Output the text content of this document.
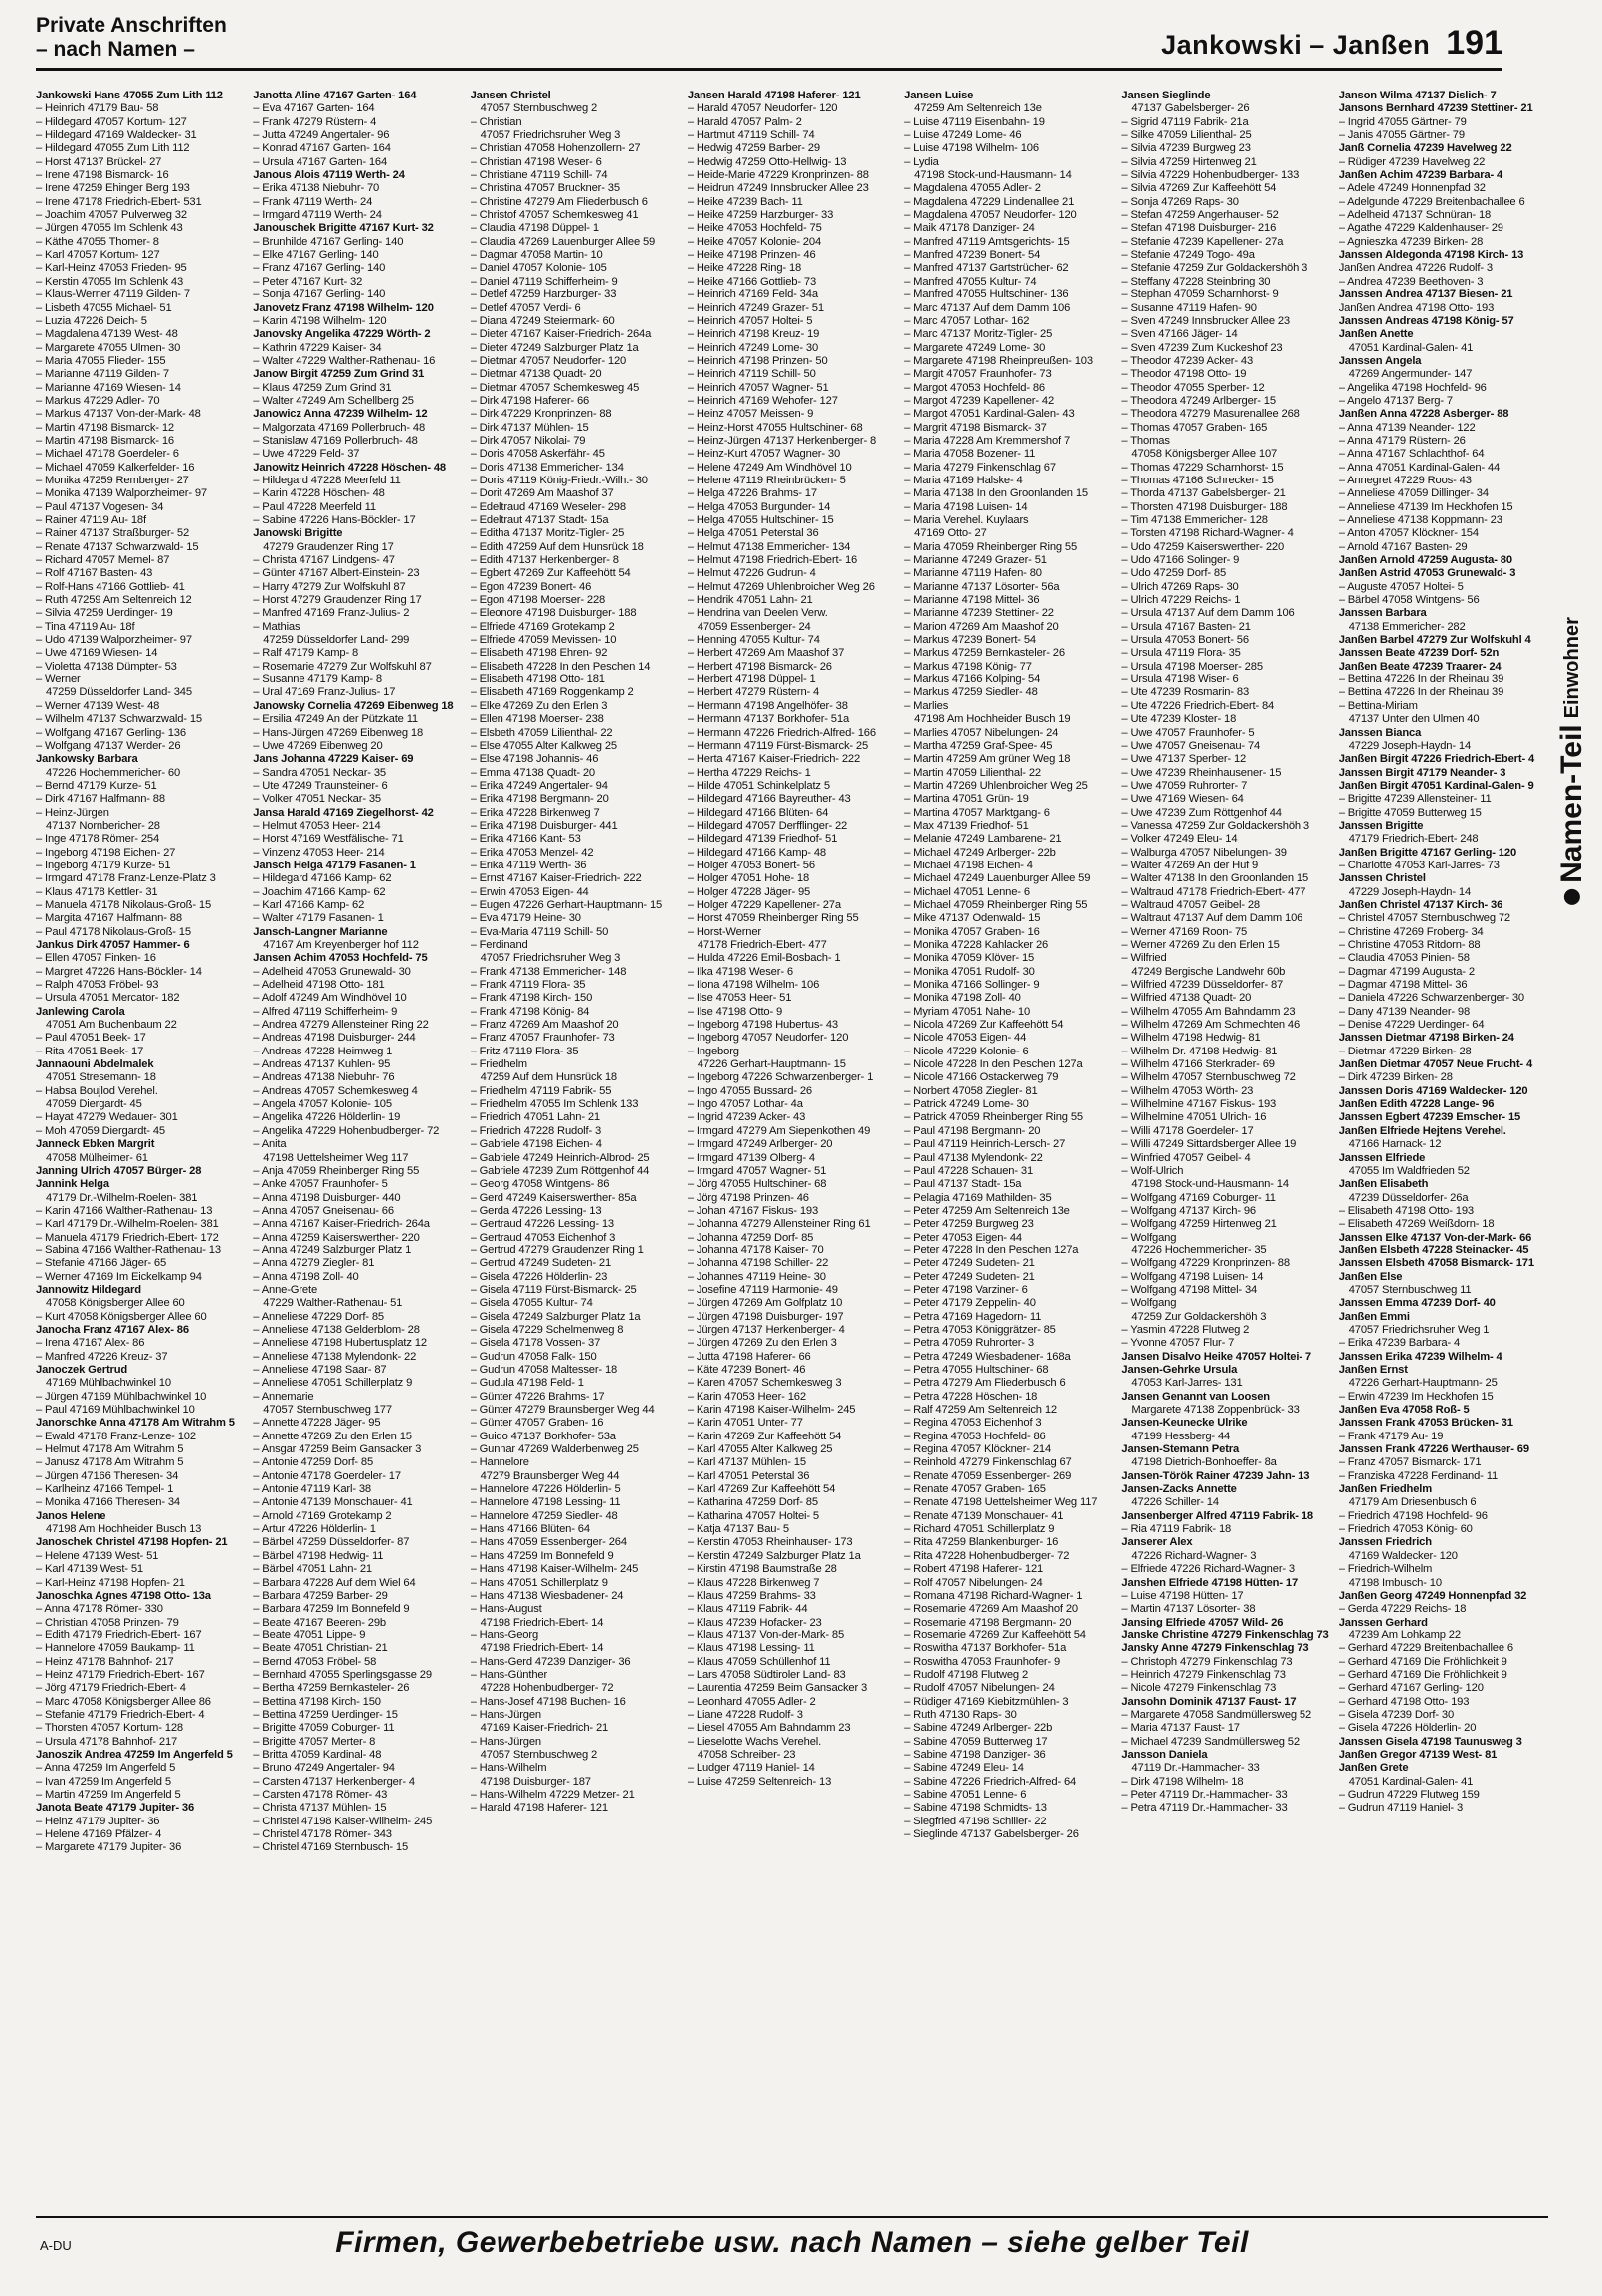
Private Anschriften
– nach Namen –	Jankowski – Janßen 191
Jankowski Hans 47055 Zum Lith 112
– Heinrich 47179 Bau- 58
– Hildegard 47057 Kortum- 127
– Hildegard 47169 Waldecker- 31
– Hildegard 47055 Zum Lith 112
– Horst 47137 Brückel- 27
– Irene 47198 Bismarck- 16
– Irene 47259 Ehinger Berg 193
– Irene 47178 Friedrich-Ebert- 531
– Joachim 47057 Pulverweg 32
– Jürgen 47055 Im Schlenk 43
– Käthe 47055 Thomer- 8
– Karl 47057 Kortum- 127
– Karl-Heinz 47053 Frieden- 95
– Kerstin 47055 Im Schlenk 43
– Klaus-Werner 47119 Gilden- 7
– Lisbeth 47055 Michael- 51
– Luzia 47226 Deich- 5
– Magdalena 47139 West- 48
– Margarete 47055 Ulmen- 30
– Maria 47055 Flieder- 155
– Marianne 47119 Gilden- 7
– Marianne 47169 Wiesen- 14
– Markus 47229 Adler- 70
– Markus 47137 Von-der-Mark- 48
– Martin 47198 Bismarck- 12
– Martin 47198 Bismarck- 16
– Michael 47178 Goerdeler- 6
– Michael 47059 Kalkerfelder- 16
– Monika 47259 Remberger- 27
– Monika 47139 Walporzheimer- 97
– Paul 47137 Vogesen- 34
– Rainer 47119 Au- 18f
– Rainer 47137 Straßburger- 52
– Renate 47137 Schwarzwald- 15
– Richard 47057 Memel- 87
– Rolf 47167 Basten- 43
– Rolf-Hans 47166 Gottlieb- 41
– Ruth 47259 Am Seltenreich 12
– Silvia 47259 Uerdinger- 19
– Tina 47119 Au- 18f
– Udo 47139 Walporzheimer- 97
– Uwe 47169 Wiesen- 14
– Violetta 47138 Dümpter- 53
– Werner
47259 Düsseldorfer Land- 345
– Werner 47139 West- 48
– Wilhelm 47137 Schwarzwald- 15
– Wolfgang 47167 Gerling- 136
– Wolfgang 47137 Werder- 26
Jankowsky Barbara
47226 Hochemmericher- 60
– Bernd 47179 Kurze- 51
– Dirk 47167 Halfmann- 88
– Heinz-Jürgen
47137 Nornbericher- 28
– Inge 47178 Römer- 254
– Ingeborg 47198 Eichen- 27
– Ingeborg 47179 Kurze- 51
– Irmgard 47178 Franz-Lenze-Platz 3
– Klaus 47178 Kettler- 31
– Manuela 47178 Nikolaus-Groß- 15
– Margita 47167 Halfmann- 88
– Paul 47178 Nikolaus-Groß- 15
Jankus Dirk 47057 Hammer- 6
– Ellen 47057 Finken- 16
– Margret 47226 Hans-Böckler- 14
– Ralph 47053 Fröbel- 93
– Ursula 47051 Mercator- 182
Janlewing Carola
47051 Am Buchenbaum 22
– Paul 47051 Beek- 17
– Rita 47051 Beek- 17
Jannaouni Abdelmalek
47051 Stresemann- 18
– Habsa Boujlod Verehel.
47059 Diergardt- 45
– Hayat 47279 Wedauer- 301
– Moh 47059 Diergardt- 45
Janneck Ebken Margrit
47058 Mülheimer- 61
Janning Ulrich 47057 Bürger- 28
Jannink Helga
47179 Dr.-Wilhelm-Roelen- 381
– Karin 47166 Walther-Rathenau- 13
– Karl 47179 Dr.-Wilhelm-Roelen- 381
– Manuela 47179 Friedrich-Ebert- 172
– Sabina 47166 Walther-Rathenau- 13
– Stefanie 47166 Jäger- 65
– Werner 47169 Im Eickelkamp 94
Jannowitz Hildegard
47058 Königsberger Allee 60
– Kurt 47058 Königsberger Allee 60
Janocha Franz 47167 Alex- 86
– Irena 47167 Alex- 86
– Manfred 47226 Kreuz- 37
Janoczek Gertrud
47169 Mühlbachwinkel 10
– Jürgen 47169 Mühlbachwinkel 10
– Paul 47169 Mühlbachwinkel 10
Janorschke Anna 47178 Am Witrahm 5
– Ewald 47178 Franz-Lenze- 102
– Helmut 47178 Am Witrahm 5
– Janusz 47178 Am Witrahm 5
– Jürgen 47166 Theresen- 34
– Karlheinz 47166 Tempel- 1
– Monika 47166 Theresen- 34
Janos Helene
47198 Am Hochheider Busch 13
Janoschek Christel 47198 Hopfen- 21
– Helene 47139 West- 51
– Karl 47139 West- 51
– Karl-Heinz 47198 Hopfen- 21
Janoschka Agnes 47198 Otto- 13a
– Anna 47178 Römer- 330
– Christian 47058 Prinzen- 79
– Edith 47179 Friedrich-Ebert- 167
– Hannelore 47059 Baukamp- 11
– Heinz 47178 Bahnhof- 217
– Heinz 47179 Friedrich-Ebert- 167
– Jörg 47179 Friedrich-Ebert- 4
– Marc 47058 Königsberger Allee 86
– Stefanie 47179 Friedrich-Ebert- 4
– Thorsten 47057 Kortum- 128
– Ursula 47178 Bahnhof- 217
Janoszik Andrea 47259 Im Angerfeld 5
– Anna 47259 Im Angerfeld 5
– Ivan 47259 Im Angerfeld 5
– Martin 47259 Im Angerfeld 5
Janota Beate 47179 Jupiter- 36
– Heinz 47179 Jupiter- 36
– Helene 47169 Pfälzer- 4
– Margarete 47179 Jupiter- 36
Janotta Aline 47167 Garten- 164
– Eva 47167 Garten- 164
– Frank 47279 Rüstern- 4
– Jutta 47249 Angertaler- 96
– Konrad 47167 Garten- 164
– Ursula 47167 Garten- 164
Janous Alois 47119 Werth- 24
– Erika 47138 Niebuhr- 70
– Frank 47119 Werth- 24
– Irmgard 47119 Werth- 24
Janouschek Brigitte 47167 Kurt- 32
– Brunhilde 47167 Gerling- 140
– Elke 47167 Gerling- 140
– Franz 47167 Gerling- 140
– Peter 47167 Kurt- 32
– Sonja 47167 Gerling- 140
Janovetz Franz 47198 Wilhelm- 120
– Karin 47198 Wilhelm- 120
Janovsky Angelika 47229 Wörth- 2
– Kathrin 47229 Kaiser- 34
– Walter 47229 Walther-Rathenau- 16
Janow Birgit 47259 Zum Grind 31
– Klaus 47259 Zum Grind 31
– Walter 47249 Am Schellberg 25
Janowicz Anna 47239 Wilhelm- 12
– Malgorzata 47169 Pollerbruch- 48
– Stanislaw 47169 Pollerbruch- 48
– Uwe 47229 Feld- 37
Janowitz Heinrich 47228 Höschen- 48
– Hildegard 47228 Meerfeld 11
– Karin 47228 Höschen- 48
– Paul 47228 Meerfeld 11
– Sabine 47226 Hans-Böckler- 17
Janowski Brigitte
47279 Graudenzer Ring 17
– Christa 47167 Lindgens- 47
– Günter 47167 Albert-Einstein- 23
– Harry 47279 Zur Wolfskuhl 87
– Horst 47279 Graudenzer Ring 17
– Manfred 47169 Franz-Julius- 2
– Mathias
47259 Düsseldorfer Land- 299
– Ralf 47179 Kamp- 8
– Rosemarie 47279 Zur Wolfskuhl 87
– Susanne 47179 Kamp- 8
– Ural 47169 Franz-Julius- 17
Janowsky Cornelia 47269 Eibenweg 18
– Ersilia 47249 An der Pützkate 11
– Hans-Jürgen 47269 Eibenweg 18
– Uwe 47269 Eibenweg 20
Jans Johanna 47229 Kaiser- 69
– Sandra 47051 Neckar- 35
– Ute 47249 Traunsteiner- 6
– Volker 47051 Neckar- 35
Jansa Harald 47169 Ziegelhorst- 42
– Helmut 47053 Heer- 214
– Horst 47169 Westfälische- 71
– Vinzenz 47053 Heer- 214
Jansch Helga 47179 Fasanen- 1
– Hildegard 47166 Kamp- 62
– Joachim 47166 Kamp- 62
– Karl 47166 Kamp- 62
– Walter 47179 Fasanen- 1
Jansch-Langner Marianne
47167 Am Kreyenberger hof 112
Jansen Achim 47053 Hochfeld- 75
– Adelheid 47053 Grunewald- 30
– Adelheid 47198 Otto- 181
– Adolf 47249 Am Windhövel 10
– Alfred 47119 Schifferheim- 9
– Andrea 47279 Allensteiner Ring 22
– Andreas 47198 Duisburger- 244
– Andreas 47228 Heimweg 1
– Andreas 47137 Kuhlen- 95
– Andreas 47138 Niebuhr- 76
– Andreas 47057 Schemkesweg 4
– Angela 47057 Kolonie- 105
– Angelika 47226 Hölderlin- 19
– Angelika 47229 Hohenbudberger- 72
– Anita
47198 Uettelsheimer Weg 117
– Anja 47059 Rheinberger Ring 55
– Anke 47057 Fraunhofer- 5
– Anna 47198 Duisburger- 440
– Anna 47057 Gneisenau- 66
– Anna 47167 Kaiser-Friedrich- 264a
– Anna 47259 Kaiserswerther- 220
– Anna 47249 Salzburger Platz 1
– Anna 47279 Ziegler- 81
– Anna 47198 Zoll- 40
– Anne-Grete
47229 Walther-Rathenau- 51
– Anneliese 47229 Dorf- 85
– Anneliese 47138 Gelderblom- 28
– Anneliese 47198 Hubertusplatz 12
– Anneliese 47138 Mylendonk- 22
– Anneliese 47198 Saar- 87
– Anneliese 47051 Schillerplatz 9
– Annemarie
47057 Sternbuschweg 177
– Annette 47228 Jäger- 95
– Annette 47269 Zu den Erlen 15
– Ansgar 47259 Beim Gansacker 3
– Antonie 47259 Dorf- 85
– Antonie 47178 Goerdeler- 17
– Antonie 47119 Karl- 38
– Antonie 47139 Monschauer- 41
– Arnold 47169 Grotekamp 2
– Artur 47226 Hölderlin- 1
– Bärbel 47259 Düsseldorfer- 87
– Bärbel 47198 Hedwig- 11
– Bärbel 47051 Lahn- 21
– Barbara 47228 Auf dem Wiel 64
– Barbara 47259 Barber- 29
– Barbara 47259 Im Bonnefeld 9
– Beate 47167 Beeren- 29b
– Beate 47051 Lippe- 9
– Beate 47051 Christian- 21
– Bernd 47053 Fröbel- 58
– Bernhard 47055 Sperlingsgasse 29
– Bertha 47259 Bernkasteler- 26
– Bettina 47198 Kirch- 150
– Bettina 47259 Uerdinger- 15
– Brigitte 47059 Coburger- 11
– Brigitte 47057 Merter- 8
– Britta 47059 Kardinal- 48
– Bruno 47249 Angertaler- 94
– Carsten 47137 Herkenberger- 4
– Carsten 47178 Römer- 43
– Christa 47137 Mühlen- 15
– Christel 47198 Kaiser-Wilhelm- 245
– Christel 47178 Römer- 343
– Christel 47169 Sternbusch- 15
Jansen Christel
47057 Sternbuschweg 2
– Christian
47057 Friedrichsruher Weg 3
– Christian 47058 Hohenzollern- 27
– Christian 47198 Weser- 6
– Christiane 47119 Schill- 74
– Christina 47057 Bruckner- 35
– Christine 47279 Am Fliederbusch 6
– Christof 47057 Schemkesweg 41
– Claudia 47198 Düppel- 1
– Claudia 47269 Lauenburger Allee 59
– Dagmar 47058 Martin- 10
– Daniel 47057 Kolonie- 105
– Daniel 47119 Schifferheim- 9
– Detlef 47259 Harzburger- 33
– Detlef 47057 Verdi- 6
– Diana 47249 Steiermark- 60
– Dieter 47167 Kaiser-Friedrich- 264a
– Dieter 47249 Salzburger Platz 1a
– Dietmar 47057 Neudorfer- 120
– Dietmar 47138 Quadt- 20
– Dietmar 47057 Schemkesweg 45
– Dirk 47198 Haferer- 66
– Dirk 47229 Kronprinzen- 88
– Dirk 47137 Mühlen- 15
– Dirk 47057 Nikolai- 79
– Doris 47058 Askerfähr- 45
– Doris 47138 Emmericher- 134
– Doris 47119 König-Friedr.-Wilh.- 30
– Dorit 47269 Am Maashof 37
– Edeltraud 47169 Weseler- 298
– Edeltraut 47137 Stadt- 15a
– Editha 47137 Moritz-Tigler- 25
– Edith 47259 Auf dem Hunsrück 18
– Edith 47137 Herkenberger- 8
– Egbert 47269 Zur Kaffeehött 54
– Egon 47239 Bonert- 46
– Egon 47198 Moerser- 228
– Eleonore 47198 Duisburger- 188
– Elfriede 47169 Grotekamp 2
– Elfriede 47059 Mevissen- 10
– Elisabeth 47198 Ehren- 92
– Elisabeth 47228 In den Peschen 14
– Elisabeth 47198 Otto- 181
– Elisabeth 47169 Roggenkamp 2
– Elke 47269 Zu den Erlen 3
– Ellen 47198 Moerser- 238
– Elsbeth 47059 Lilienthal- 22
– Else 47055 Alter Kalkweg 25
– Else 47198 Johannis- 46
– Emma 47138 Quadt- 20
– Erika 47249 Angertaler- 94
– Erika 47198 Bergmann- 20
– Erika 47228 Birkenweg 7
– Erika 47198 Duisburger- 441
– Erika 47166 Kant- 53
– Erika 47053 Menzel- 42
– Erika 47119 Werth- 36
– Ernst 47167 Kaiser-Friedrich- 222
– Erwin 47053 Eigen- 44
– Eugen 47226 Gerhart-Hauptmann- 15
– Eva 47179 Heine- 30
– Eva-Maria 47119 Schill- 50
– Ferdinand
47057 Friedrichsruher Weg 3
– Frank 47138 Emmericher- 148
– Frank 47119 Flora- 35
– Frank 47198 Kirch- 150
– Frank 47198 König- 84
– Franz 47269 Am Maashof 20
– Franz 47057 Fraunhofer- 73
– Fritz 47119 Flora- 35
– Friedhelm
47259 Auf dem Hunsrück 18
– Friedhelm 47119 Fabrik- 55
– Friedhelm 47055 Im Schlenk 133
– Friedrich 47051 Lahn- 21
– Friedrich 47228 Rudolf- 3
– Gabriele 47198 Eichen- 4
– Gabriele 47249 Heinrich-Albrod- 25
– Gabriele 47239 Zum Röttgenhof 44
– Georg 47058 Wintgens- 86
– Gerd 47249 Kaiserswerther- 85a
– Gerda 47226 Lessing- 13
– Gertraud 47226 Lessing- 13
– Gertraud 47053 Eichenhof 3
– Gertrud 47279 Graudenzer Ring 1
– Gertrud 47249 Sudeten- 21
– Gisela 47226 Hölderlin- 23
– Gisela 47119 Fürst-Bismarck- 25
– Gisela 47055 Kultur- 74
– Gisela 47249 Salzburger Platz 1a
– Gisela 47229 Schelmenweg 8
– Gisela 47178 Vossen- 37
– Gudrun 47058 Falk- 150
– Gudrun 47058 Maltesser- 18
– Gudula 47198 Feld- 1
– Günter 47226 Brahms- 17
– Günter 47279 Braunsberger Weg 44
– Günter 47057 Graben- 16
– Guido 47137 Borkhofer- 53a
– Gunnar 47269 Walderbenweg 25
– Hannelore
47279 Braunsberger Weg 44
– Hannelore 47226 Hölderlin- 5
– Hannelore 47198 Lessing- 11
– Hannelore 47259 Siedler- 48
– Hans 47166 Blüten- 64
– Hans 47059 Essenberger- 264
– Hans 47259 Im Bonnefeld 9
– Hans 47198 Kaiser-Wilhelm- 245
– Hans 47051 Schillerplatz 9
– Hans 47138 Wiesbadener- 24
– Hans-August
47198 Friedrich-Ebert- 14
– Hans-Georg
47198 Friedrich-Ebert- 14
– Hans-Gerd 47239 Danziger- 36
– Hans-Günther
47228 Hohenbudberger- 72
– Hans-Josef 47198 Buchen- 16
– Hans-Jürgen
47169 Kaiser-Friedrich- 21
– Hans-Jürgen
47057 Sternbuschweg 2
– Hans-Wilhelm
47198 Duisburger- 187
– Hans-Wilhelm 47229 Metzer- 21
– Harald 47198 Haferer- 121
Jansen Harald 47198 Haferer- 121
– Harald 47057 Neudorfer- 120
– Harald 47057 Palm- 2
– Hartmut 47119 Schill- 74
– Hedwig 47259 Barber- 29
– Hedwig 47259 Otto-Hellwig- 13
– Heide-Marie 47229 Kronprinzen- 88
– Heidrun 47249 Innsbrucker Allee 23
– Heike 47239 Bach- 11
– Heike 47259 Harzburger- 33
– Heike 47053 Hochfeld- 75
– Heike 47057 Kolonie- 204
– Heike 47198 Prinzen- 46
– Heike 47228 Ring- 18
– Heike 47166 Gottlieb- 73
– Heinrich 47169 Feld- 34a
– Heinrich 47249 Grazer- 51
– Heinrich 47057 Holtei- 5
– Heinrich 47198 Kreuz- 19
– Heinrich 47249 Lome- 30
– Heinrich 47198 Prinzen- 50
– Heinrich 47119 Schill- 50
– Heinrich 47057 Wagner- 51
– Heinrich 47169 Wehofer- 127
– Heinz 47057 Meissen- 9
– Heinz-Horst 47055 Hultschiner- 68
– Heinz-Jürgen 47137 Herkenberger- 8
– Heinz-Kurt 47057 Wagner- 30
– Helene 47249 Am Windhövel 10
– Helene 47119 Rheinbrücken- 5
– Helga 47226 Brahms- 17
– Helga 47053 Burgunder- 14
– Helga 47055 Hultschiner- 15
– Helga 47051 Peterstal 36
– Helmut 47138 Emmericher- 134
– Helmut 47198 Friedrich-Ebert- 16
– Helmut 47226 Gudrun- 4
– Helmut 47269 Uhlenbroicher Weg 26
– Hendrik 47051 Lahn- 21
– Hendrina van Deelen Verw.
47059 Essenberger- 24
– Henning 47055 Kultur- 74
– Herbert 47269 Am Maashof 37
– Herbert 47198 Bismarck- 26
– Herbert 47198 Düppel- 1
– Herbert 47279 Rüstern- 4
– Hermann 47198 Angelhöfer- 38
– Hermann 47137 Borkhofer- 51a
– Hermann 47226 Friedrich-Alfred- 166
– Hermann 47119 Fürst-Bismarck- 25
– Herta 47167 Kaiser-Friedrich- 222
– Hertha 47229 Reichs- 1
– Hilde 47051 Schinkelplatz 5
– Hildegard 47166 Bayreuther- 43
– Hildegard 47166 Blüten- 64
– Hildegard 47057 Derfflinger- 22
– Hildegard 47139 Friedhof- 51
– Hildegard 47166 Kamp- 48
– Holger 47053 Bonert- 56
– Holger 47051 Hohe- 18
– Holger 47228 Jäger- 95
– Holger 47229 Kapellener- 27a
– Horst 47059 Rheinberger Ring 55
– Horst-Werner
47178 Friedrich-Ebert- 477
– Hulda 47226 Emil-Bosbach- 1
– Ilka 47198 Weser- 6
– Ilona 47198 Wilhelm- 106
– Ilse 47053 Heer- 51
– Ilse 47198 Otto- 9
– Ingeborg 47198 Hubertus- 43
– Ingeborg 47057 Neudorfer- 120
– Ingeborg
47226 Gerhart-Hauptmann- 15
– Ingeborg 47226 Schwarzenberger- 1
– Ingo 47055 Bussard- 26
– Ingo 47057 Lothar- 4a
– Ingrid 47239 Acker- 43
– Irmgard 47279 Am Siepenkothen 49
– Irmgard 47249 Arlberger- 20
– Irmgard 47139 Olberg- 4
– Irmgard 47057 Wagner- 51
– Jörg 47055 Hultschiner- 68
– Jörg 47198 Prinzen- 46
– Johan 47167 Fiskus- 193
– Johanna 47279 Allensteiner Ring 61
– Johanna 47259 Dorf- 85
– Johanna 47178 Kaiser- 70
– Johanna 47198 Schiller- 22
– Johannes 47119 Heine- 30
– Josefine 47119 Harmonie- 49
– Jürgen 47269 Am Golfplatz 10
– Jürgen 47198 Duisburger- 197
– Jürgen 47137 Herkenberger- 4
– Jürgen 47269 Zu den Erlen 3
– Jutta 47198 Haferer- 66
– Käte 47239 Bonert- 46
– Karen 47057 Schemkesweg 3
– Karin 47053 Heer- 162
– Karin 47198 Kaiser-Wilhelm- 245
– Karin 47051 Unter- 77
– Karin 47269 Zur Kaffeehött 54
– Karl 47055 Alter Kalkweg 25
– Karl 47137 Mühlen- 15
– Karl 47051 Peterstal 36
– Karl 47269 Zur Kaffeehött 54
– Katharina 47259 Dorf- 85
– Katharina 47057 Holtei- 5
– Katja 47137 Bau- 5
– Kerstin 47053 Rheinhauser- 173
– Kerstin 47249 Salzburger Platz 1a
– Kirstin 47198 Baumstraße 28
– Klaus 47228 Birkenweg 7
– Klaus 47259 Brahms- 33
– Klaus 47119 Fabrik- 44
– Klaus 47239 Hofacker- 23
– Klaus 47137 Von-der-Mark- 85
– Klaus 47198 Lessing- 11
– Klaus 47059 Schüllenhof 11
– Lars 47058 Südtiroler Land- 83
– Laurentia 47259 Beim Gansacker 3
– Leonhard 47055 Adler- 2
– Liane 47228 Rudolf- 3
– Liesel 47055 Am Bahndamm 23
– Lieselotte Wachs Verehel.
47058 Schreiber- 23
– Ludger 47119 Haniel- 14
– Luise 47259 Seltenreich- 13
Jansen Luise
47259 Am Seltenreich 13e
– Luise 47119 Eisenbahn- 19
– Luise 47249 Lome- 46
– Luise 47198 Wilhelm- 106
– Lydia
47198 Stock-und-Hausmann- 14
– Magdalena 47055 Adler- 2
– Magdalena 47229 Lindenallee 21
– Magdalena 47057 Neudorfer- 120
– Maik 47178 Danziger- 24
– Manfred 47119 Amtsgerichts- 15
– Manfred 47239 Bonert- 54
– Manfred 47137 Gartstrücher- 62
– Manfred 47055 Kultur- 74
– Manfred 47055 Hultschiner- 136
– Marc 47137 Auf dem Damm 106
– Marc 47057 Lothar- 162
– Marc 47137 Moritz-Tigler- 25
– Margarete 47249 Lome- 30
– Margarete 47198 Rheinpreußen- 103
– Margit 47057 Fraunhofer- 73
– Margot 47053 Hochfeld- 86
– Margot 47239 Kapellener- 42
– Margot 47051 Kardinal-Galen- 43
– Margrit 47198 Bismarck- 37
– Maria 47228 Am Kremmershof 7
– Maria 47058 Bozener- 11
– Maria 47279 Finkenschlag 67
– Maria 47169 Halske- 4
– Maria 47138 In den Groonlanden 15
– Maria 47198 Luisen- 14
– Maria Verehel. Kuylaars
47169 Otto- 27
– Maria 47059 Rheinberger Ring 55
– Marianne 47249 Grazer- 51
– Marianne 47119 Hafen- 80
– Marianne 47137 Lösorter- 56a
– Marianne 47198 Mittel- 36
– Marianne 47239 Stettiner- 22
– Marion 47269 Am Maashof 20
– Markus 47239 Bonert- 54
– Markus 47259 Bernkasteler- 26
– Markus 47198 König- 77
– Markus 47166 Kolping- 54
– Markus 47259 Siedler- 48
– Marlies
47198 Am Hochheider Busch 19
– Marlies 47057 Nibelungen- 24
– Martha 47259 Graf-Spee- 45
– Martin 47259 Am grüner Weg 18
– Martin 47059 Lilienthal- 22
– Martin 47269 Uhlenbroicher Weg 25
– Martina 47051 Grün- 19
– Martina 47057 Marktgang- 6
– Max 47139 Friedhof- 51
– Melanie 47249 Lambarene- 21
– Michael 47249 Arlberger- 22b
– Michael 47198 Eichen- 4
– Michael 47249 Lauenburger Allee 59
– Michael 47051 Lenne- 6
– Michael 47059 Rheinberger Ring 55
– Mike 47137 Odenwald- 15
– Monika 47057 Graben- 16
– Monika 47228 Kahlacker 26
– Monika 47059 Klöver- 15
– Monika 47051 Rudolf- 30
– Monika 47166 Sollinger- 9
– Monika 47198 Zoll- 40
– Myriam 47051 Nahe- 10
– Nicola 47269 Zur Kaffeehött 54
– Nicole 47053 Eigen- 44
– Nicole 47229 Kolonie- 6
– Nicole 47228 In den Peschen 127a
– Nicole 47166 Ostackerweg 79
– Norbert 47058 Ziegler- 81
– Patrick 47249 Lome- 30
– Patrick 47059 Rheinberger Ring 55
– Paul 47198 Bergmann- 20
– Paul 47119 Heinrich-Lersch- 27
– Paul 47138 Mylendonk- 22
– Paul 47228 Schauen- 31
– Paul 47137 Stadt- 15a
– Pelagia 47169 Mathilden- 35
– Peter 47259 Am Seltenreich 13e
– Peter 47259 Burgweg 23
– Peter 47053 Eigen- 44
– Peter 47228 In den Peschen 127a
– Peter 47249 Sudeten- 21
– Peter 47249 Sudeten- 21
– Peter 47198 Varziner- 6
– Peter 47179 Zeppelin- 40
– Petra 47169 Hagedorn- 11
– Petra 47053 Königgrätzer- 85
– Petra 47059 Ruhrorter- 3
– Petra 47249 Wiesbadener- 168a
– Petra 47055 Hultschiner- 68
– Petra 47279 Am Fliederbusch 6
– Petra 47228 Höschen- 18
– Ralf 47259 Am Seltenreich 12
– Regina 47053 Eichenhof 3
– Regina 47053 Hochfeld- 86
– Regina 47057 Klöckner- 214
– Reinhold 47279 Finkenschlag 67
– Renate 47059 Essenberger- 269
– Renate 47057 Graben- 165
– Renate 47198 Uettelsheimer Weg 117
– Renate 47139 Monschauer- 41
– Richard 47051 Schillerplatz 9
– Rita 47259 Blankenburger- 16
– Rita 47228 Hohenbudberger- 72
– Robert 47198 Haferer- 121
– Rolf 47057 Nibelungen- 24
– Romana 47198 Richard-Wagner- 1
– Rosemarie 47269 Am Maashof 20
– Rosemarie 47198 Bergmann- 20
– Rosemarie 47269 Zur Kaffeehött 54
– Roswitha 47137 Borkhofer- 51a
– Roswitha 47053 Fraunhofer- 9
– Rudolf 47198 Flutweg 2
– Rudolf 47057 Nibelungen- 24
– Rüdiger 47169 Kiebitzmühlen- 3
– Ruth 47130 Raps- 30
– Sabine 47249 Arlberger- 22b
– Sabine 47059 Butterweg 17
– Sabine 47198 Danziger- 36
– Sabine 47249 Eleu- 14
– Sabine 47226 Friedrich-Alfred- 64
– Sabine 47051 Lenne- 6
– Sabine 47198 Schmidts- 13
– Siegfried 47198 Schiller- 22
– Sieglinde 47137 Gabelsberger- 26
Jansen Sieglinde
47137 Gabelsberger- 26
– Sigrid 47119 Fabrik- 21a
– Silke 47059 Lilienthal- 25
– Silvia 47239 Burgweg 23
– Silvia 47259 Hirtenweg 21
– Silvia 47229 Hohenbudberger- 133
– Silvia 47269 Zur Kaffeehött 54
– Sonja 47269 Raps- 30
– Stefan 47259 Angerhauser- 52
– Stefan 47198 Duisburger- 216
– Stefanie 47239 Kapellener- 27a
– Stefanie 47249 Togo- 49a
– Stefanie 47259 Zur Goldackershöh 3
– Steffany 47228 Steinbring 30
– Stephan 47059 Scharnhorst- 9
– Susanne 47119 Hafen- 90
– Sven 47249 Innsbrucker Allee 23
– Sven 47166 Jäger- 14
– Sven 47239 Zum Kuckeshof 23
– Theodor 47239 Acker- 43
– Theodor 47198 Otto- 19
– Theodor 47055 Sperber- 12
– Theodora 47249 Arlberger- 15
– Theodora 47279 Masurenallee 268
– Thomas 47057 Graben- 165
– Thomas
47058 Königsberger Allee 107
– Thomas 47229 Scharnhorst- 15
– Thomas 47166 Schrecker- 15
– Thorda 47137 Gabelsberger- 21
– Thorsten 47198 Duisburger- 188
– Tim 47138 Emmericher- 128
– Torsten 47198 Richard-Wagner- 4
– Udo 47259 Kaiserswerther- 220
– Udo 47166 Solinger- 9
– Udo 47259 Dorf- 85
– Ulrich 47269 Raps- 30
– Ulrich 47229 Reichs- 1
– Ursula 47137 Auf dem Damm 106
– Ursula 47167 Basten- 21
– Ursula 47053 Bonert- 56
– Ursula 47119 Flora- 35
– Ursula 47198 Moerser- 285
– Ursula 47198 Wiser- 6
– Ute 47239 Rosmarin- 83
– Ute 47226 Friedrich-Ebert- 84
– Ute 47239 Kloster- 18
– Uwe 47057 Fraunhofer- 5
– Uwe 47057 Gneisenau- 74
– Uwe 47137 Sperber- 12
– Uwe 47239 Rheinhausener- 15
– Uwe 47059 Ruhrorter- 7
– Uwe 47169 Wiesen- 64
– Uwe 47239 Zum Röttgenhof 44
– Vanessa 47259 Zur Goldackershöh 3
– Volker 47249 Eleu- 14
– Walburga 47057 Nibelungen- 39
– Walter 47269 An der Huf 9
– Walter 47138 In den Groonlanden 15
– Waltraud 47178 Friedrich-Ebert- 477
– Waltraud 47057 Geibel- 28
– Waltraut 47137 Auf dem Damm 106
– Werner 47169 Roon- 75
– Werner 47269 Zu den Erlen 15
– Wilfried
47249 Bergische Landwehr 60b
– Wilfried 47239 Düsseldorfer- 87
– Wilfried 47138 Quadt- 20
– Wilhelm 47055 Am Bahndamm 23
– Wilhelm 47269 Am Schmechten 46
– Wilhelm 47198 Hedwig- 81
– Wilhelm Dr. 47198 Hedwig- 81
– Wilhelm 47166 Sterkrader- 69
– Wilhelm 47057 Sternbuschweg 72
– Wilhelm 47053 Wörth- 23
– Wilhelmine 47167 Fiskus- 193
– Wilhelmine 47051 Ulrich- 16
– Willi 47178 Goerdeler- 17
– Willi 47249 Sittardsberger Allee 19
– Winfried 47057 Geibel- 4
– Wolf-Ulrich
47198 Stock-und-Hausmann- 14
– Wolfgang 47169 Coburger- 11
– Wolfgang 47137 Kirch- 96
– Wolfgang 47259 Hirtenweg 21
– Wolfgang
47226 Hochemmericher- 35
– Wolfgang 47229 Kronprinzen- 88
– Wolfgang 47198 Luisen- 14
– Wolfgang 47198 Mittel- 34
– Wolfgang
47259 Zur Goldackershöh 3
– Yasmin 47228 Flutweg 2
– Yvonne 47057 Flur- 7
Jansen Disalvo Heike 47057 Holtei- 7
Jansen-Gehrke Ursula
47053 Karl-Jarres- 131
Jansen Genannt van Loosen
Margarete 47138 Zoppenbrück- 33
Jansen-Keunecke Ulrike
47199 Hessberg- 44
Jansen-Stemann Petra
47198 Dietrich-Bonhoeffer- 8a
Jansen-Török Rainer 47239 Jahn- 13
Jansen-Zacks Annette
47226 Schiller- 14
Jansenberger Alfred 47119 Fabrik- 18
– Ria 47119 Fabrik- 18
Janserer Alex
47226 Richard-Wagner- 3
– Elfriede 47226 Richard-Wagner- 3
Janshen Elfriede 47198 Hütten- 17
– Luise 47198 Hütten- 17
– Martin 47137 Lösorter- 38
Jansing Elfriede 47057 Wild- 26
Janske Christine 47279 Finkenschlag 73
Jansky Anne 47279 Finkenschlag 73
– Christoph 47279 Finkenschlag 73
– Heinrich 47279 Finkenschlag 73
– Nicole 47279 Finkenschlag 73
Jansohn Dominik 47137 Faust- 17
– Margarete 47058 Sandmüllersweg 52
– Maria 47137 Faust- 17
– Michael 47239 Sandmüllersweg 52
Jansson Daniela
47119 Dr.-Hammacher- 33
– Dirk 47198 Wilhelm- 18
– Peter 47119 Dr.-Hammacher- 33
– Petra 47119 Dr.-Hammacher- 33
Janson Wilma 47137 Dislich- 7
Jansons Bernhard 47239 Stettiner- 21
– Ingrid 47055 Gärtner- 79
– Janis 47055 Gärtner- 79
Janß Cornelia 47239 Havelweg 22
– Rüdiger 47239 Havelweg 22
Janßen Achim 47239 Barbara- 4
– Adele 47249 Honnenpfad 32
– Adelgunde 47229 Breitenbachallee 6
– Adelheid 47137 Schnüran- 18
– Agathe 47229 Kaldenhauser- 29
– Agnieszka 47239 Birken- 28
Janssen Aldegonda 47198 Kirch- 13
Janßen Andrea 47226 Rudolf- 3
– Andrea 47239 Beethoven- 3
Janssen Andrea 47137 Biesen- 21
Janßen Andrea 47198 Otto- 193
Janssen Andreas 47198 König- 57
Janßen Anette
47051 Kardinal-Galen- 41
Janssen Angela
47269 Angermunder- 147
– Angelika 47198 Hochfeld- 96
– Angelo 47137 Berg- 7
Janßen Anna 47228 Asberger- 88
– Anna 47139 Neander- 122
– Anna 47179 Rüstern- 26
– Anna 47167 Schlachthof- 64
– Anna 47051 Kardinal-Galen- 44
– Annegret 47229 Roos- 43
– Anneliese 47059 Dillinger- 34
– Anneliese 47139 Im Heckhofen 15
– Anneliese 47138 Koppmann- 23
– Anton 47057 Klöckner- 154
– Arnold 47167 Basten- 29
Janßen Arnold 47259 Augusta- 80
Janßen Astrid 47053 Grunewald- 3
– Auguste 47057 Holtei- 5
– Bärbel 47058 Wintgens- 56
Janssen Barbara
47138 Emmericher- 282
Janßen Barbel 47279 Zur Wolfskuhl 4
Janssen Beate 47239 Dorf- 52n
Janßen Beate 47239 Traarer- 24
– Bettina 47226 In der Rheinau 39
– Bettina 47226 In der Rheinau 39
– Bettina-Miriam
47137 Unter den Ulmen 40
Janssen Bianca
47229 Joseph-Haydn- 14
Janßen Birgit 47226 Friedrich-Ebert- 4
Janssen Birgit 47179 Neander- 3
Janßen Birgit 47051 Kardinal-Galen- 9
– Brigitte 47239 Allensteiner- 11
– Brigitte 47059 Butterweg 15
Janssen Brigitte
47179 Friedrich-Ebert- 248
Janßen Brigitte 47167 Gerling- 120
– Charlotte 47053 Karl-Jarres- 73
Janssen Christel
47229 Joseph-Haydn- 14
Janßen Christel 47137 Kirch- 36
– Christel 47057 Sternbuschweg 72
– Christine 47269 Froberg- 34
– Christine 47053 Ritdorn- 88
– Claudia 47053 Pinien- 58
– Dagmar 47199 Augusta- 2
– Dagmar 47198 Mittel- 36
– Daniela 47226 Schwarzenberger- 30
– Dany 47139 Neander- 98
– Denise 47229 Uerdinger- 64
Janssen Dietmar 47198 Birken- 24
– Dietmar 47229 Birken- 28
Janßen Dietmar 47057 Neue Frucht- 4
– Dirk 47239 Birken- 28
Janssen Doris 47169 Waldecker- 120
Janßen Edith 47228 Lange- 96
Janssen Egbert 47239 Emscher- 15
Janßen Elfriede Hejtens Verehel.
47166 Harnack- 12
Janssen Elfriede
47055 Im Waldfrieden 52
Janßen Elisabeth
47239 Düsseldorfer- 26a
– Elisabeth 47198 Otto- 193
– Elisabeth 47269 Weißdorn- 18
Janssen Elke 47137 Von-der-Mark- 66
Janßen Elsbeth 47228 Steinacker- 45
Janssen Elsbeth 47058 Bismarck- 171
Janßen Else
47057 Sternbuschweg 11
Janssen Emma 47239 Dorf- 40
Janßen Emmi
47057 Friedrichsruher Weg 1
– Erika 47239 Barbara- 4
Janssen Erika 47239 Wilhelm- 4
Janßen Ernst
47226 Gerhart-Hauptmann- 25
– Erwin 47239 Im Heckhofen 15
Janßen Eva 47058 Roß- 5
Janssen Frank 47053 Brücken- 31
– Frank 47179 Au- 19
Janssen Frank 47226 Werthauser- 69
– Franz 47057 Bismarck- 171
– Franziska 47228 Ferdinand- 11
Janßen Friedhelm
47179 Am Driesenbusch 6
– Friedrich 47198 Hochfeld- 96
– Friedrich 47053 König- 60
Janssen Friedrich
47169 Waldecker- 120
– Friedrich-Wilhelm
47198 Imbusch- 10
Janßen Georg 47249 Honnenpfad 32
– Gerda 47229 Reichs- 18
Janssen Gerhard
47239 Am Lohkamp 22
– Gerhard 47229 Breitenbachallee 6
– Gerhard 47169 Die Fröhlichkeit 9
– Gerhard 47169 Die Fröhlichkeit 9
– Gerhard 47167 Gerling- 120
– Gerhard 47198 Otto- 193
– Gisela 47239 Dorf- 30
– Gisela 47226 Hölderlin- 20
Janssen Gisela 47198 Taunusweg 3
Janßen Gregor 47139 West- 81
Janßen Grete
47051 Kardinal-Galen- 41
– Gudrun 47229 Flutweg 159
– Gudrun 47119 Haniel- 3
Namen-Teil
Einwohner
A-DU	Firmen, Gewerbebetriebe usw. nach Namen – siehe gelber Teil
